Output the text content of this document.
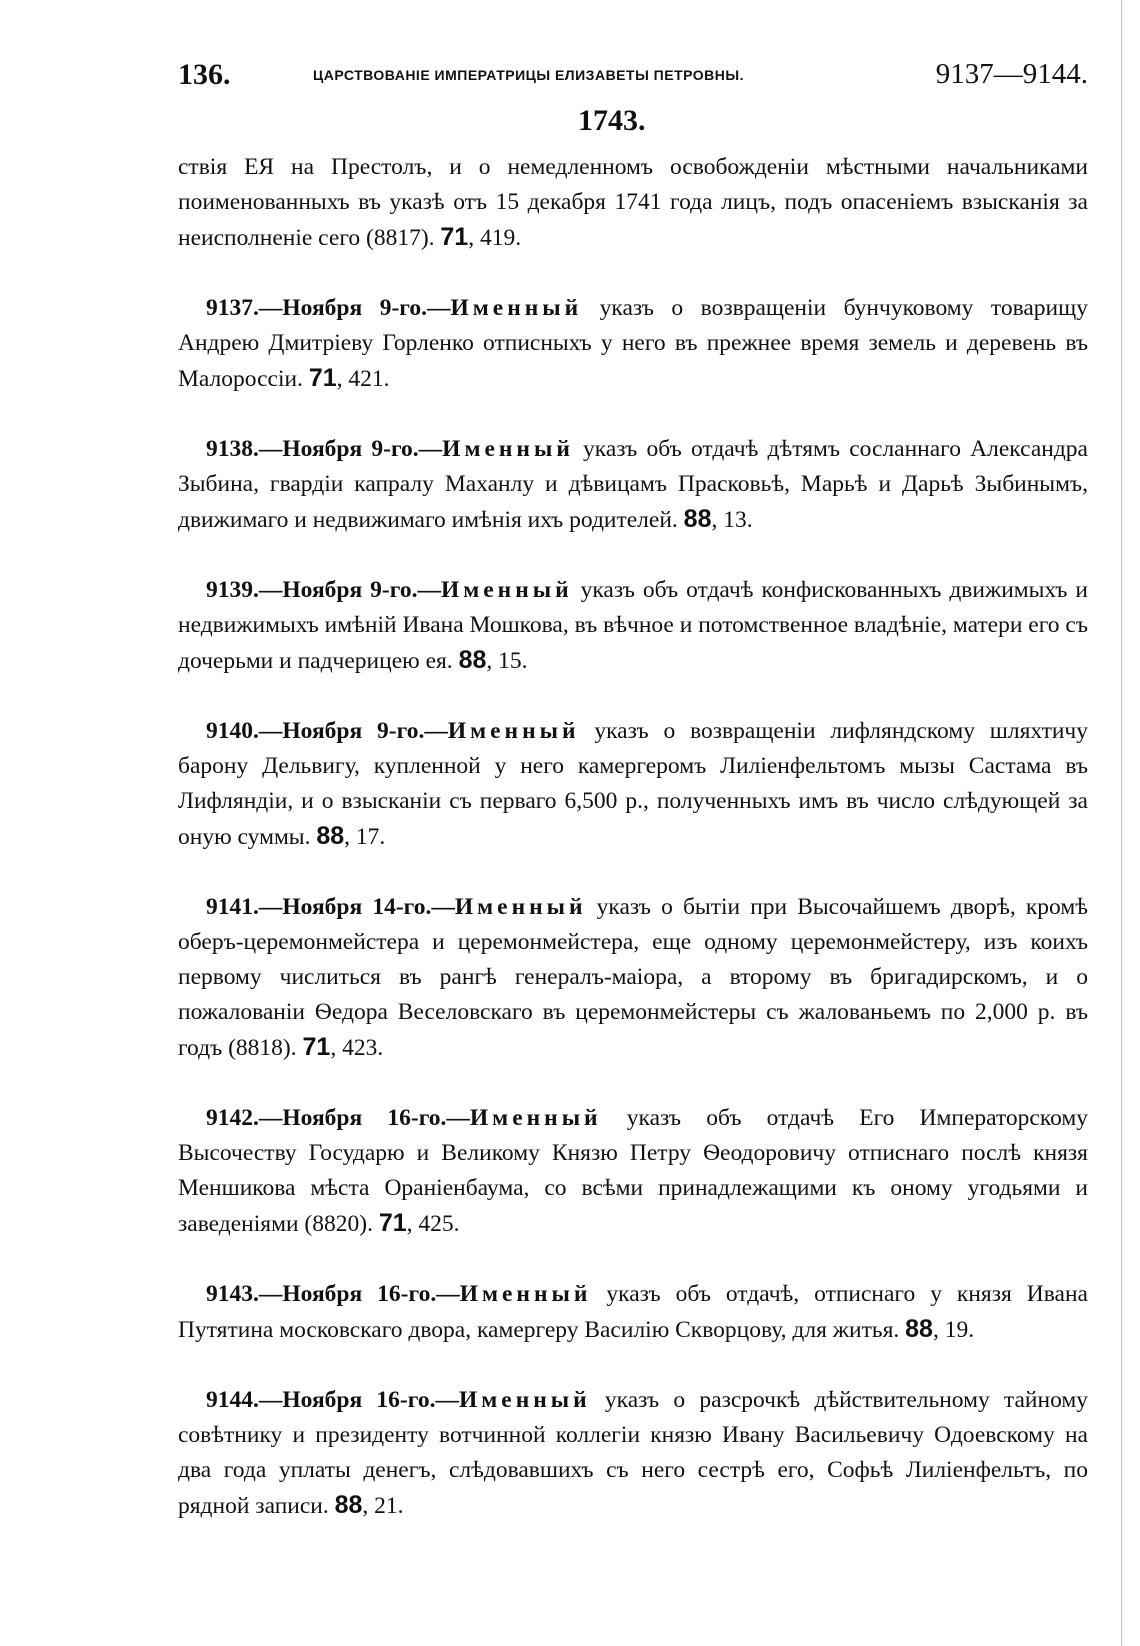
136.	ЦАРСТВОВАНІЕ ИМПЕРАТРИЦЫ ЕЛИЗАВЕТЫ ПЕТРОВНЫ.	9137—9144.
1743.

ствія ЕЯ на Престолъ, и о немедленномъ освобожденіи мѣстными начальниками поименованныхъ въ указѣ отъ 15 декабря 1741 года лицъ, подъ опасеніемъ взысканія за неисполненіе сего (8817). 71, 419.

9137.—Ноября 9-го.—Именный указъ о возвращеніи бунчуковому товарищу Андрею Дмитріеву Горленко отписныхъ у него въ прежнее время земель и деревень въ Малороссіи. 71, 421.

9138.—Ноября 9-го.—Именный указъ объ отдачѣ дѣтямъ сосланнаго Александра Зыбина, гвардіи капралу Маханлу и дѣвицамъ Прасковьѣ, Марьѣ и Дарьѣ Зыбинымъ, движимаго и недвижимаго имѣнія ихъ родителей. 88, 13.

9139.—Ноября 9-го.—Именный указъ объ отдачѣ конфискованныхъ движимыхъ и недвижимыхъ имѣній Ивана Мошкова, въ вѣчное и потомственное владѣніе, матери его съ дочерьми и падчерицею ея. 88, 15.

9140.—Ноября 9-го.—Именный указъ о возвращеніи лифляндскому шляхтичу барону Дельвигу, купленной у него камергеромъ Лиліенфельтомъ мызы Састама въ Лифляндіи, и о взысканіи съ перваго 6,500 р., полученныхъ имъ въ число слѣдующей за оную суммы. 88, 17.

9141.—Ноября 14-го.—Именный указъ о бытіи при Высочайшемъ дворѣ, кромѣ оберъ-церемонмейстера и церемонмейстера, еще одному церемонмейстеру, изъ коихъ первому числиться въ рангѣ генералъ-маіора, а второму въ бригадирскомъ, и о пожалованіи Ѳедора Веселовскаго въ церемонмейстеры съ жалованьемъ по 2,000 р. въ годъ (8818). 71, 423.

9142.—Ноября 16-го.—Именный указъ объ отдачѣ Его Императорскому Высочеству Государю и Великому Князю Петру Ѳеодоровичу отписнаго послѣ князя Меншикова мѣста Ораніенбаума, со всѣми принадлежащими къ оному угодьями и заведеніями (8820). 71, 425.

9143.—Ноября 16-го.—Именный указъ объ отдачѣ, отписнаго у князя Ивана Путятина московскаго двора, камергеру Василію Скворцову, для житья. 88, 19.

9144.—Ноября 16-го.—Именный указъ о разсрочкѣ дѣйствительному тайному совѣтнику и президенту вотчинной коллегіи князю Ивану Васильевичу Одоевскому на два года уплаты денегъ, слѣдовавшихъ съ него сестрѣ его, Софьѣ Лиліенфельтъ, по рядной записи. 88, 21.
